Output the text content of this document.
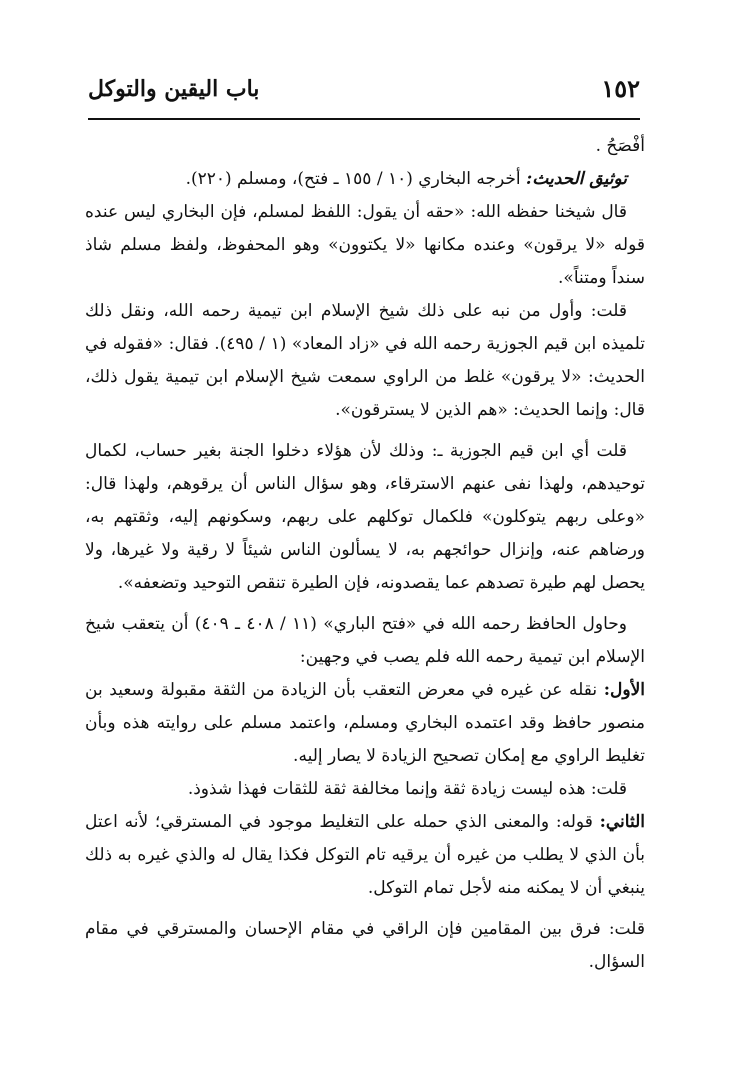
١٥٢
باب اليقين والتوكل

أفْصَحُ .

توثيق الحديث: أخرجه البخاري (١٠ / ١٥٥ ـ فتح)، ومسلم (٢٢٠).

قال شيخنا حفظه الله: «حقه أن يقول: اللفظ لمسلم، فإن البخاري ليس عنده قوله «لا يرقون» وعنده مكانها «لا يكتوون» وهو المحفوظ، ولفظ مسلم شاذ سنداً ومتناً».

قلت: وأول من نبه على ذلك شيخ الإسلام ابن تيمية رحمه الله، ونقل ذلك تلميذه ابن قيم الجوزية رحمه الله في «زاد المعاد» (١ / ٤٩٥). فقال: «فقوله في الحديث: «لا يرقون» غلط من الراوي سمعت شيخ الإسلام ابن تيمية يقول ذلك، قال: وإنما الحديث: «هم الذين لا يسترقون».

قلت أي ابن قيم الجوزية ـ: وذلك لأن هؤلاء دخلوا الجنة بغير حساب، لكمال توحيدهم، ولهذا نفى عنهم الاسترقاء، وهو سؤال الناس أن يرقوهم، ولهذا قال: «وعلى ربهم يتوكلون» فلكمال توكلهم على ربهم، وسكونهم إليه، وثقتهم به، ورضاهم عنه، وإنزال حوائجهم به، لا يسألون الناس شيئاً لا رقية ولا غيرها، ولا يحصل لهم طيرة تصدهم عما يقصدونه، فإن الطيرة تنقص التوحيد وتضعفه».

وحاول الحافظ رحمه الله في «فتح الباري» (١١ / ٤٠٨ ـ ٤٠٩) أن يتعقب شيخ الإسلام ابن تيمية رحمه الله فلم يصب في وجهين:

الأول: نقله عن غيره في معرض التعقب بأن الزيادة من الثقة مقبولة وسعيد بن منصور حافظ وقد اعتمده البخاري ومسلم، واعتمد مسلم على روايته هذه وبأن تغليط الراوي مع إمكان تصحيح الزيادة لا يصار إليه.

قلت: هذه ليست زيادة ثقة وإنما مخالفة ثقة للثقات فهذا شذوذ.

الثاني: قوله: والمعنى الذي حمله على التغليط موجود في المسترقي؛ لأنه اعتل بأن الذي لا يطلب من غيره أن يرقيه تام التوكل فكذا يقال له والذي غيره به ذلك ينبغي أن لا يمكنه منه لأجل تمام التوكل.

قلت: فرق بين المقامين فإن الراقي في مقام الإحسان والمسترقي في مقام السؤال.
